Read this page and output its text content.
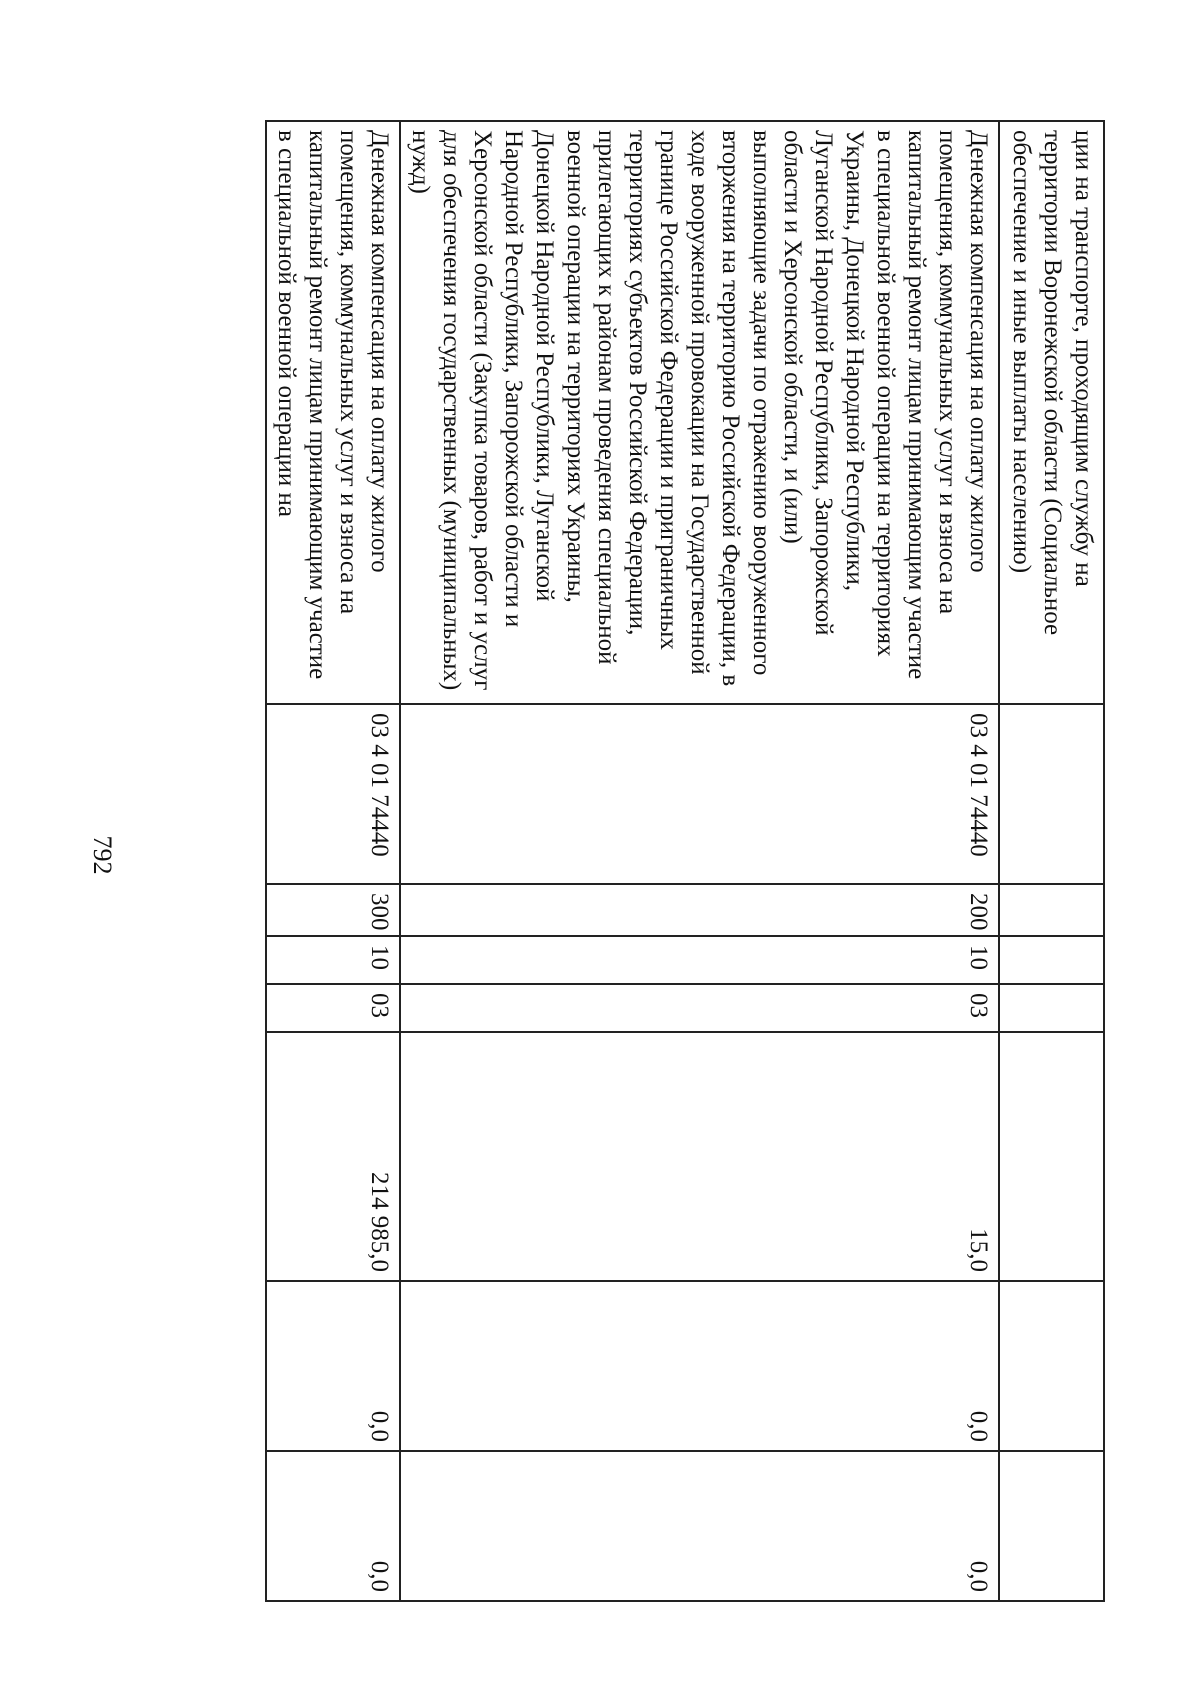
792
ции на транспорте, проходящим службу на территории Воронежской области (Социальное обеспечение и иные выплаты населению)							
Денежная компенсация на оплату жилого помещения, коммунальных услуг и взноса на капитальный ремонт лицам принимающим участие в специальной военной операции на территориях Украины, Донецкой Народной Республики, Луганской Народной Республики, Запорожской области и Херсонской области, и (или) выполняющие задачи по отражению вооруженного вторжения на территорию Российской Федерации, в ходе вооруженной провокации на Государственной границе Российской Федерации и приграничных территориях субъектов Российской Федерации, прилегающих к районам проведения специальной военной операции на территориях Украины, Донецкой Народной Республики, Луганской Народной Республики, Запорожской области и Херсонской области (Закупка товаров, работ и услуг для обеспечения государственных (муниципальных) нужд)	03 4 01 74440	200	10	03	15,0	0,0	0,0
Денежная компенсация на оплату жилого помещения, коммунальных услуг и взноса на капитальный ремонт лицам принимающим участие в специальной военной операции на	03 4 01 74440	300	10	03	214 985,0	0,0	0,0
